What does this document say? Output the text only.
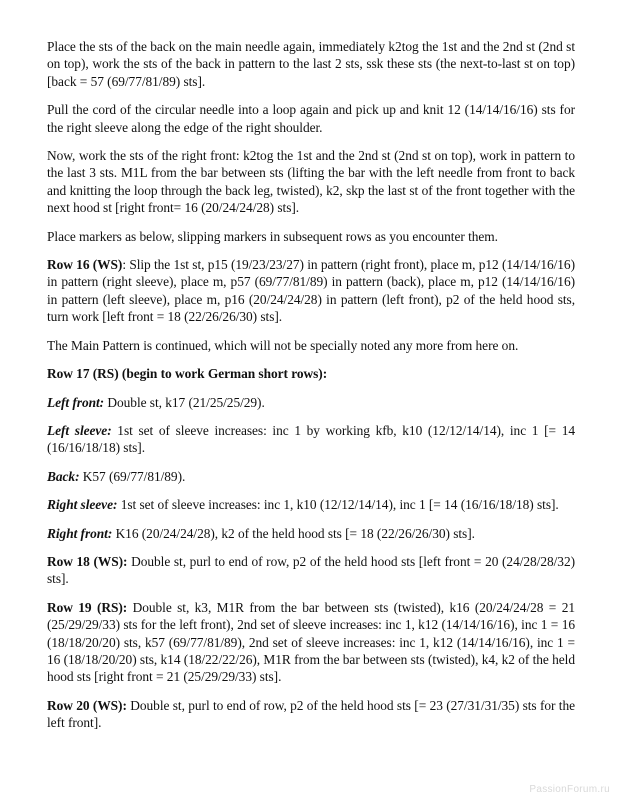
Place the sts of the back on the main needle again, immediately k2tog the 1st and the 2nd st (2nd st on top), work the sts of the back in pattern to the last 2 sts, ssk these sts (the next-to-last st on top) [back = 57 (69/77/81/89) sts].

Pull the cord of the circular needle into a loop again and pick up and knit 12 (14/14/16/16) sts for the right sleeve along the edge of the right shoulder.

Now, work the sts of the right front: k2tog the 1st and the 2nd st (2nd st on top), work in pattern to the last 3 sts. M1L from the bar between sts (lifting the bar with the left needle from front to back and knitting the loop through the back leg, twisted), k2, skp the last st of the front together with the next hood st [right front= 16 (20/24/24/28) sts].

Place markers as below, slipping markers in subsequent rows as you encounter them.

Row 16 (WS): Slip the 1st st, p15 (19/23/23/27) in pattern (right front), place m, p12 (14/14/16/16) in pattern (right sleeve), place m, p57 (69/77/81/89) in pattern (back), place m, p12 (14/14/16/16) in pattern (left sleeve), place m, p16 (20/24/24/28) in pattern (left front), p2 of the held hood sts, turn work [left front = 18 (22/26/26/30) sts].

The Main Pattern is continued, which will not be specially noted any more from here on.

Row 17 (RS) (begin to work German short rows):

Left front: Double st, k17 (21/25/25/29).

Left sleeve: 1st set of sleeve increases: inc 1 by working kfb, k10 (12/12/14/14), inc 1 [= 14 (16/16/18/18) sts].

Back: K57 (69/77/81/89).

Right sleeve: 1st set of sleeve increases: inc 1, k10 (12/12/14/14), inc 1 [= 14 (16/16/18/18) sts].

Right front: K16 (20/24/24/28), k2 of the held hood sts [= 18 (22/26/26/30) sts].

Row 18 (WS): Double st, purl to end of row, p2 of the held hood sts [left front = 20 (24/28/28/32) sts].

Row 19 (RS): Double st, k3, M1R from the bar between sts (twisted), k16 (20/24/24/28 = 21 (25/29/29/33) sts for the left front), 2nd set of sleeve increases: inc 1, k12 (14/14/16/16), inc 1 = 16 (18/18/20/20) sts, k57 (69/77/81/89), 2nd set of sleeve increases: inc 1, k12 (14/14/16/16), inc 1 = 16 (18/18/20/20) sts, k14 (18/22/22/26), M1R from the bar between sts (twisted), k4, k2 of the held hood sts [right front = 21 (25/29/29/33) sts].

Row 20 (WS): Double st, purl to end of row, p2 of the held hood sts [= 23 (27/31/31/35) sts for the left front].

PassionForum.ru
